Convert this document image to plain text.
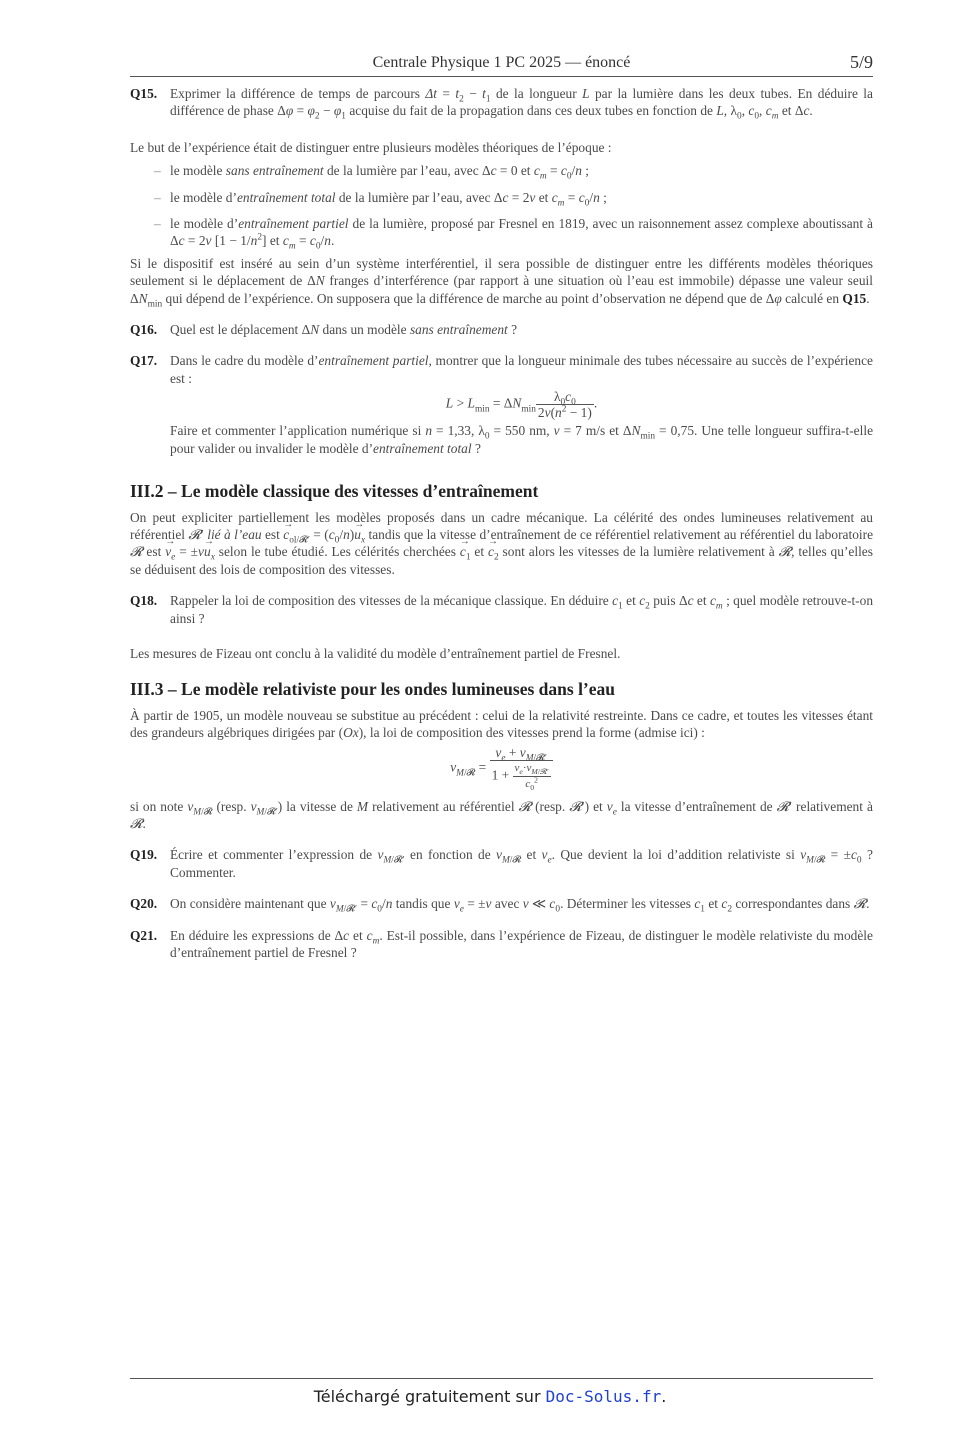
Centrale Physique 1 PC 2025 — énoncé	5/9
Q15. Exprimer la différence de temps de parcours $\Delta t = t_2 - t_1$ de la longueur L par la lumière dans les deux tubes. En déduire la différence de phase $\Delta\varphi = \varphi_2 - \varphi_1$ acquise du fait de la propagation dans ces deux tubes en fonction de L, $\lambda_0$, $c_0$, $c_m$ et Δc.
Le but de l’expérience était de distinguer entre plusieurs modèles théoriques de l’époque :
– le modèle sans entraînement de la lumière par l’eau, avec Δc = 0 et $c_m = c_0/n$ ;
– le modèle d’entraînement total de la lumière par l’eau, avec Δc = 2v et $c_m = c_0/n$ ;
– le modèle d’entraînement partiel de la lumière, proposé par Fresnel en 1819, avec un raisonnement assez complexe aboutissant à Δc = 2v $[1 - 1/n^2]$ et $c_m = c_0/n$.
Si le dispositif est inséré au sein d’un système interférentiel, il sera possible de distinguer entre les différents modèles théoriques seulement si le déplacement de ΔN franges d’interférence (par rapport à une situation où l’eau est immobile) dépasse une valeur seuil $\Delta N_{min}$ qui dépend de l’expérience. On supposera que la différence de marche au point d’observation ne dépend que de Δφ calculé en Q15.
Q16. Quel est le déplacement ΔN dans un modèle sans entraînement ?
Q17. Dans le cadre du modèle d’entraînement partiel, montrer que la longueur minimale des tubes nécessaire au succès de l’expérience est :
$L > L_{min} = \Delta N_{min} \frac{\lambda_0c_0}{2v(n^2 - 1)}$ .
Faire et commenter l’application numérique si n = 1,33, $\lambda_0 = 550$ nm, v = 7 m/s et $\Delta N_{min} = 0,75$. Une telle longueur suffira-t-elle pour valider ou invalider le modèle d’entraînement total ?
III.2 – Le modèle classique des vitesses d’entraînement
On peut expliciter partiellement les modèles proposés dans un cadre mécanique. La célérité des ondes lumineuses relativement au référentiel 𝓡′ lié à l’eau est → $c_{ol/𝓡'} = (c_0/n)\to u_x$ tandis que la vitesse d’entraînement de ce référentiel relativement au référentiel du laboratoire 𝓡 est → $v_e = \pm v\to u_x$ selon le tube étudié. Les célérités cherchées → $c_1$ et → $c_2$ sont alors les vitesses de la lumière relativement à 𝓡, telles qu’elles se déduisent des lois de composition des vitesses.
Q18. Rappeler la loi de composition des vitesses de la mécanique classique. En déduire $c_1$ et $c_2$ puis Δc et $c_m$ ; quel modèle retrouve-t-on ainsi ?
Les mesures de Fizeau ont conclu à la validité du modèle d’entraînement partiel de Fresnel.
III.3 – Le modèle relativiste pour les ondes lumineuses dans l’eau
À partir de 1905, un modèle nouveau se substitue au précédent : celui de la relativité restreinte. Dans ce cadre, et toutes les vitesses étant des grandeurs algébriques dirigées par (Ox), la loi de composition des vitesses prend la forme (admise ici) :
$v_{M/𝓡} = \frac{v_e + v_{M/𝓡'}}{1 + \frac{v_e\cdot v_{M/𝓡'}}{c_0^2}}$
si on note $v_{M/𝓡}$ (resp. $v_{M/𝓡'}$) la vitesse de M relativement au référentiel 𝓡 (resp. 𝓡′) et $v_e$ la vitesse d’entraînement de 𝓡′ relativement à 𝓡.
Q19. Écrire et commenter l’expression de $v_{M/𝓡'}$ en fonction de $v_{M/𝓡}$ et $v_e$. Que devient la loi d’addition relativiste si $v_{M/𝓡} = \pm c_0$ ? Commenter.
Q20. On considère maintenant que $v_{M/𝓡'} = c_0/n$ tandis que $v_e = \pm v$ avec v ≪ $c_0$. Déterminer les vitesses $c_1$ et $c_2$ correspondantes dans 𝓡.
Q21. En déduire les expressions de Δc et $c_m$. Est-il possible, dans l’expérience de Fizeau, de distinguer le modèle relativiste du modèle d’entraînement partiel de Fresnel ?
Téléchargé gratuitement sur Doc-Solus.fr.
